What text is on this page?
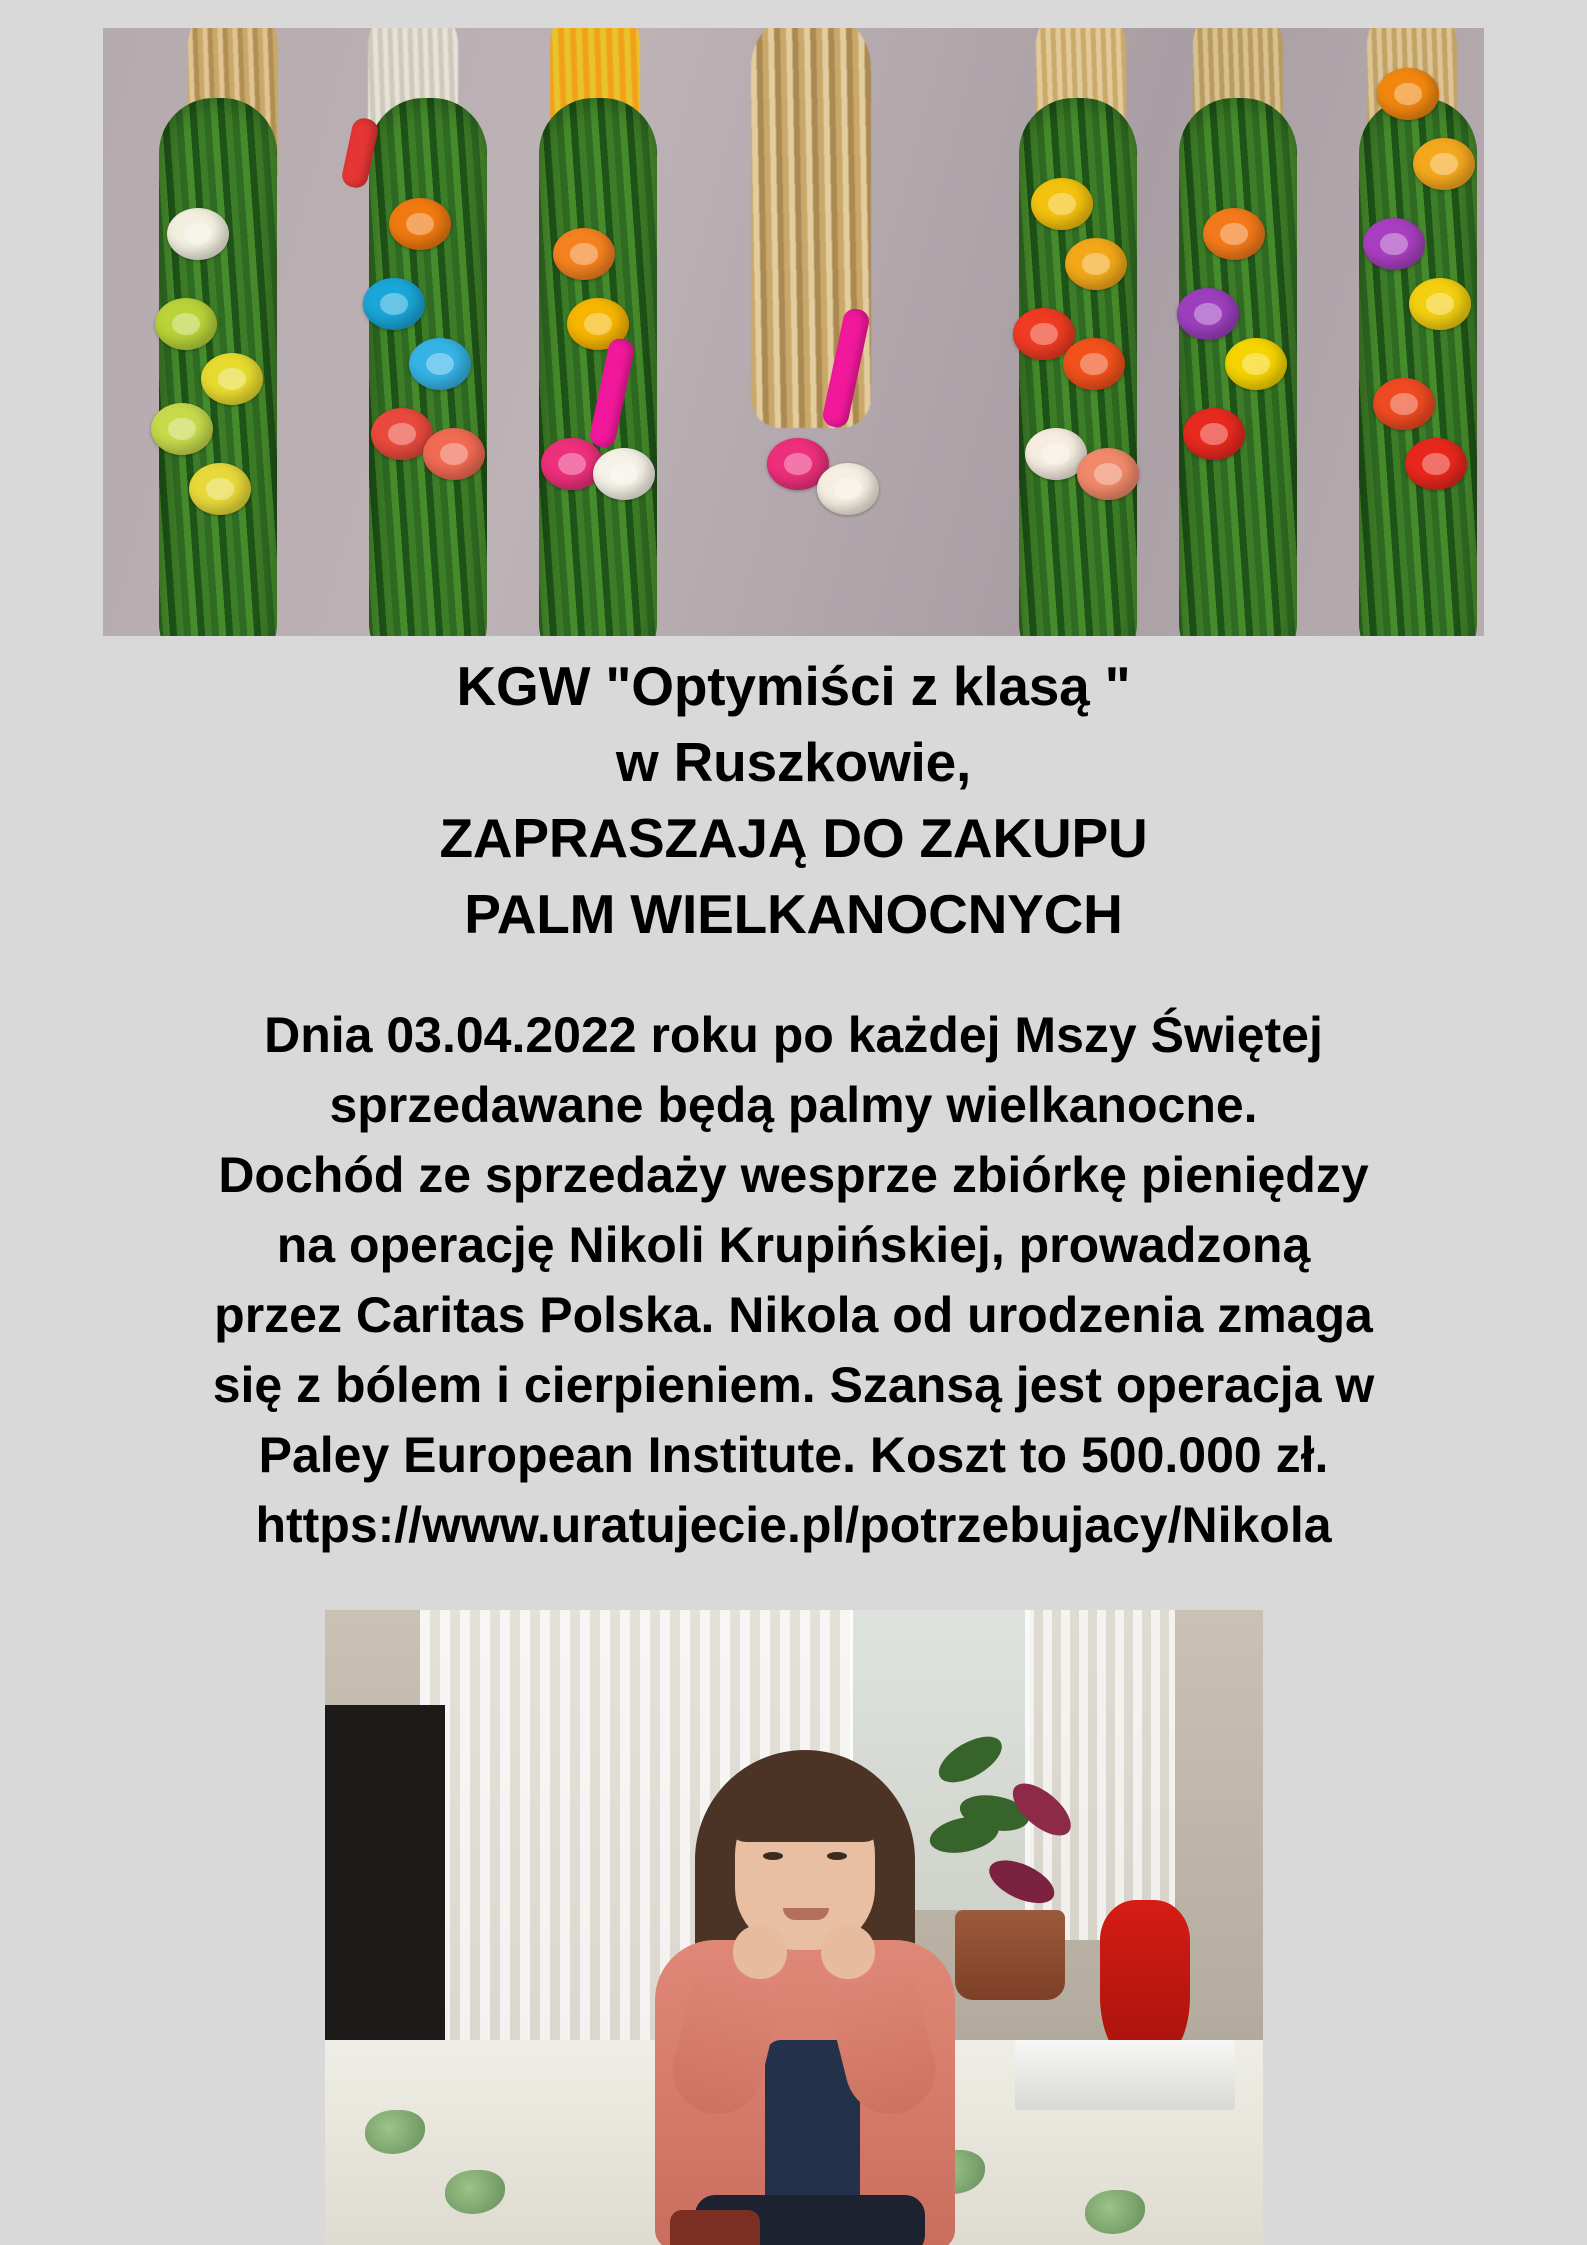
KGW "Optymiści z klasą "
w Ruszkowie,
ZAPRASZAJĄ DO ZAKUPU
PALM WIELKANOCNYCH
Dnia 03.04.2022 roku po każdej Mszy Świętej
sprzedawane będą palmy wielkanocne.
Dochód ze sprzedaży wesprze zbiórkę pieniędzy
na operację Nikoli Krupińskiej, prowadzoną
przez Caritas Polska. Nikola od urodzenia zmaga
się z bólem i cierpieniem. Szansą jest operacja w
Paley European Institute. Koszt to 500.000 zł.
https://www.uratujecie.pl/potrzebujacy/Nikola
